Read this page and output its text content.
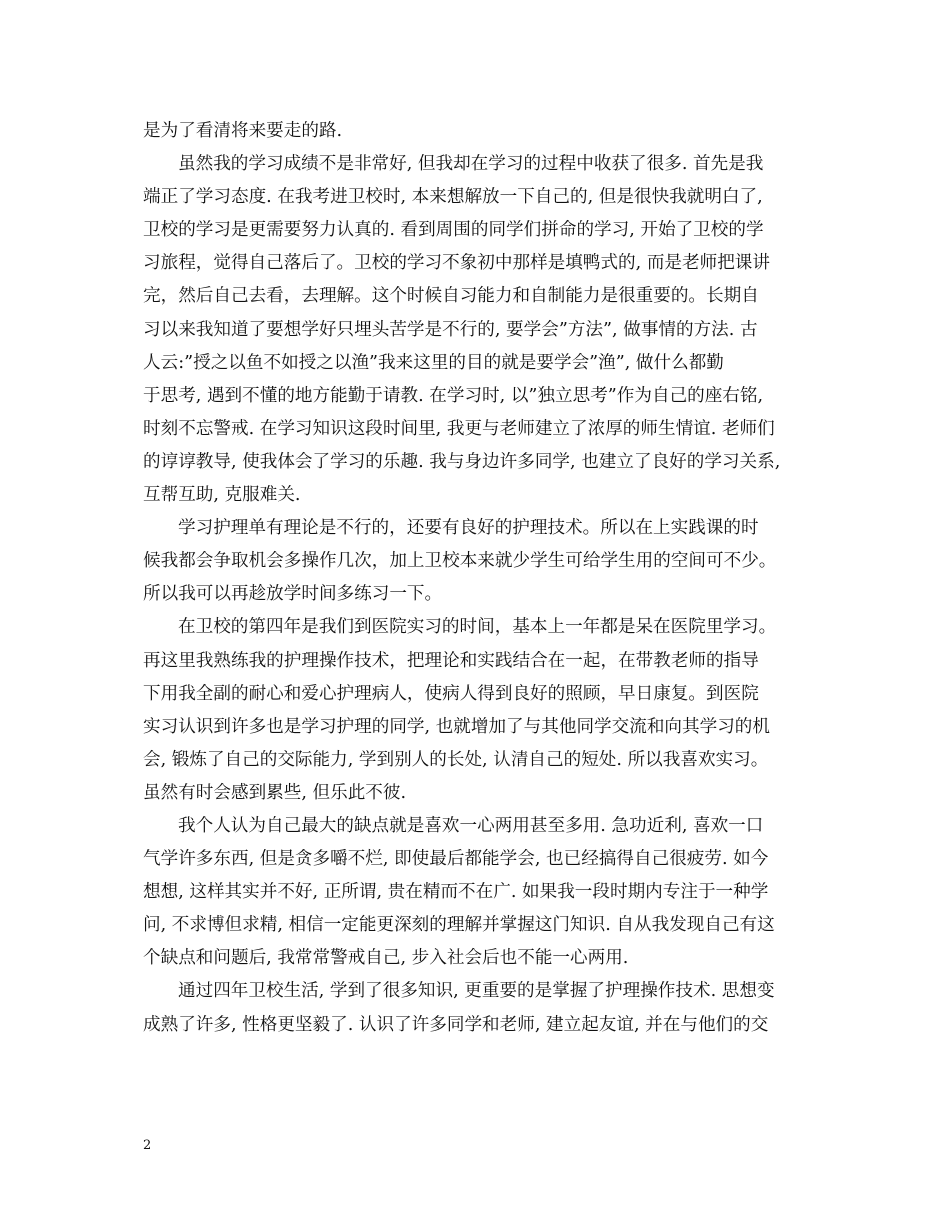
是为了看清将来要走的路.
虽然我的学习成绩不是非常好, 但我却在学习的过程中收获了很多. 首先是我
端正了学习态度. 在我考进卫校时, 本来想解放一下自己的, 但是很快我就明白了,
卫校的学习是更需要努力认真的. 看到周围的同学们拼命的学习, 开始了卫校的学
习旅程，觉得自己落后了。卫校的学习不象初中那样是填鸭式的, 而是老师把课讲
完，然后自己去看，去理解。这个时候自习能力和自制能力是很重要的。长期自
习以来我知道了要想学好只埋头苦学是不行的, 要学会”方法”, 做事情的方法. 古
人云:”授之以鱼不如授之以渔”我来这里的目的就是要学会”渔”, 做什么都勤
于思考, 遇到不懂的地方能勤于请教. 在学习时, 以”独立思考”作为自己的座右铭,
时刻不忘警戒. 在学习知识这段时间里, 我更与老师建立了浓厚的师生情谊. 老师们
的谆谆教导, 使我体会了学习的乐趣. 我与身边许多同学, 也建立了良好的学习关系,
互帮互助, 克服难关.
学习护理单有理论是不行的，还要有良好的护理技术。所以在上实践课的时
候我都会争取机会多操作几次，加上卫校本来就少学生可给学生用的空间可不少。
所以我可以再趁放学时间多练习一下。
在卫校的第四年是我们到医院实习的时间，基本上一年都是呆在医院里学习。
再这里我熟练我的护理操作技术，把理论和实践结合在一起，在带教老师的指导
下用我全副的耐心和爱心护理病人，使病人得到良好的照顾，早日康复。到医院
实习认识到许多也是学习护理的同学, 也就增加了与其他同学交流和向其学习的机
会, 锻炼了自己的交际能力, 学到别人的长处, 认清自己的短处. 所以我喜欢实习。
虽然有时会感到累些, 但乐此不彼.
我个人认为自己最大的缺点就是喜欢一心两用甚至多用. 急功近利, 喜欢一口
气学许多东西, 但是贪多嚼不烂, 即使最后都能学会, 也已经搞得自己很疲劳. 如今
想想, 这样其实并不好, 正所谓, 贵在精而不在广. 如果我一段时期内专注于一种学
问, 不求博但求精, 相信一定能更深刻的理解并掌握这门知识. 自从我发现自己有这
个缺点和问题后, 我常常警戒自己, 步入社会后也不能一心两用.
通过四年卫校生活, 学到了很多知识, 更重要的是掌握了护理操作技术. 思想变
成熟了许多, 性格更坚毅了. 认识了许多同学和老师, 建立起友谊, 并在与他们的交
2
